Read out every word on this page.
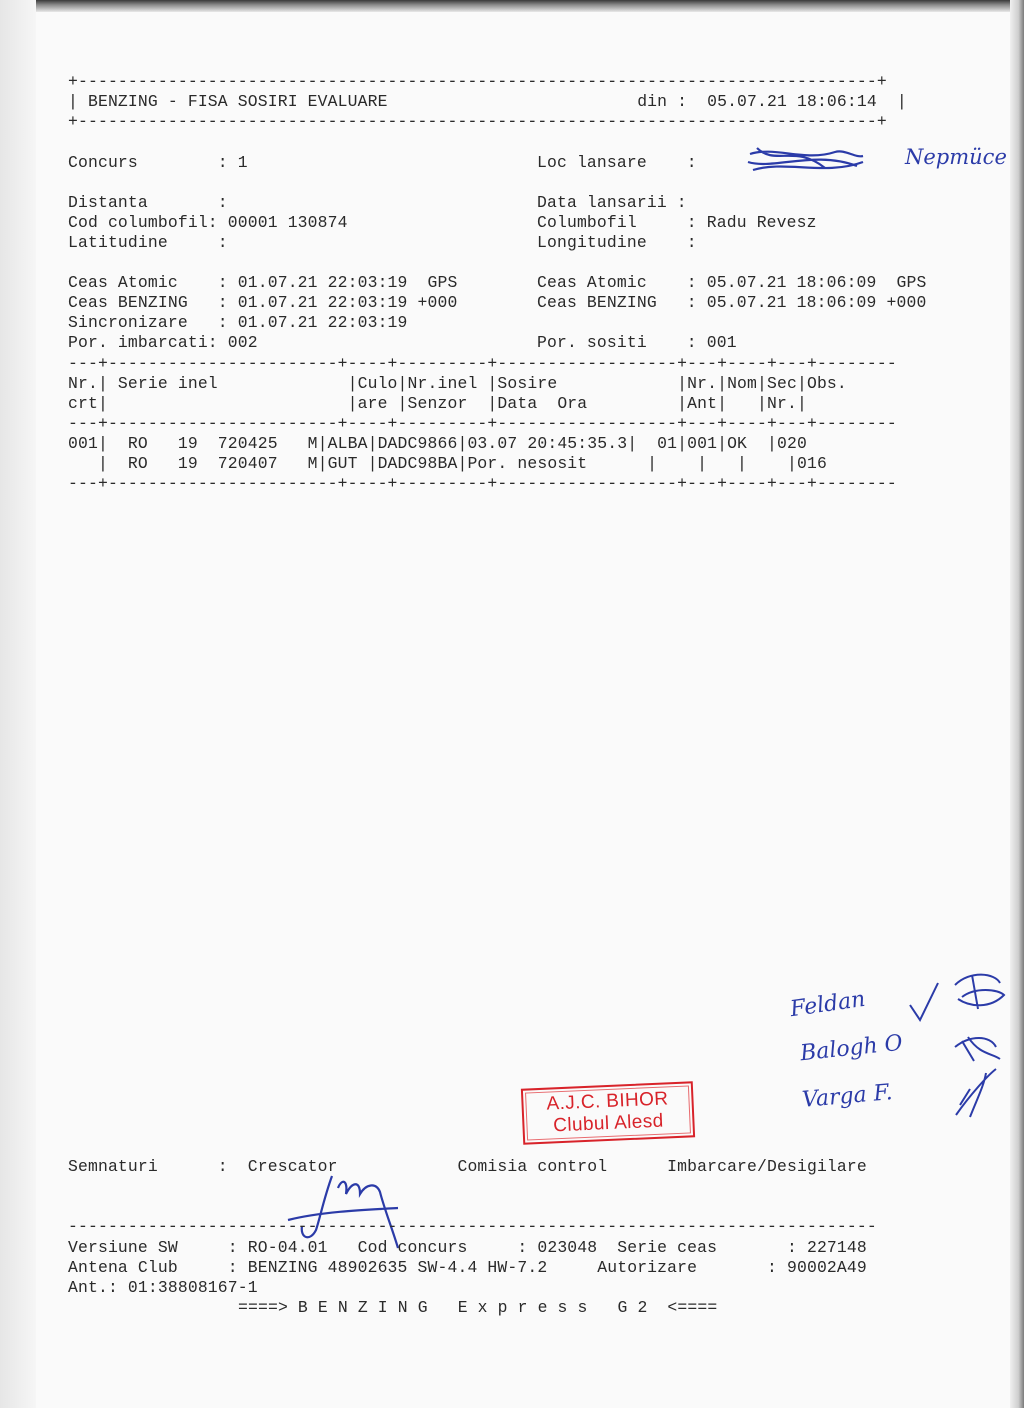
+--------------------------------------------------------------------------------+
| BENZING - FISA SOSIRI EVALUARE                         din :  05.07.21 18:06:14  |
+--------------------------------------------------------------------------------+
Concurs        : 1
Distanta       :
Cod columbofil: 00001 130874
Latitudine     :
Ceas Atomic    : 01.07.21 22:03:19  GPS
Ceas BENZING   : 01.07.21 22:03:19 +000
Sincronizare   : 01.07.21 22:03:19
Por. imbarcati: 002
Loc lansare    :
Data lansarii :
Columbofil     : Radu Revesz
Longitudine    :
Ceas Atomic    : 05.07.21 18:06:09  GPS
Ceas BENZING   : 05.07.21 18:06:09 +000
Por. sositi    : 001
Nepmüce
---+-----------------------+----+---------+------------------+---+----+---+--------
Nr.| Serie inel             |Culo|Nr.inel |Sosire            |Nr.|Nom|Sec|Obs.
crt|                        |are |Senzor  |Data  Ora         |Ant|   |Nr.|
---+-----------------------+----+---------+------------------+---+----+---+--------
001|  RO   19  720425   M|ALBA|DADC9866|03.07 20:45:35.3|  01|001|OK  |020
|  RO   19  720407   M|GUT |DADC98BA|Por. nesosit      |    |   |    |016
---+-----------------------+----+---------+------------------+---+----+---+--------
Feldan
Balogh O
Varga F.
A.J.C. BIHOR
Clubul Alesd
Semnaturi      :  Crescator            Comisia control      Imbarcare/Desigilare
---------------------------------------------------------------------------------
Versiune SW     : RO-04.01   Cod concurs     : 023048  Serie ceas       : 227148
Antena Club     : BENZING 48902635 SW-4.4 HW-7.2     Autorizare       : 90002A49
Ant.: 01:38808167-1
====> B E N Z I N G   E x p r e s s   G 2  <====
